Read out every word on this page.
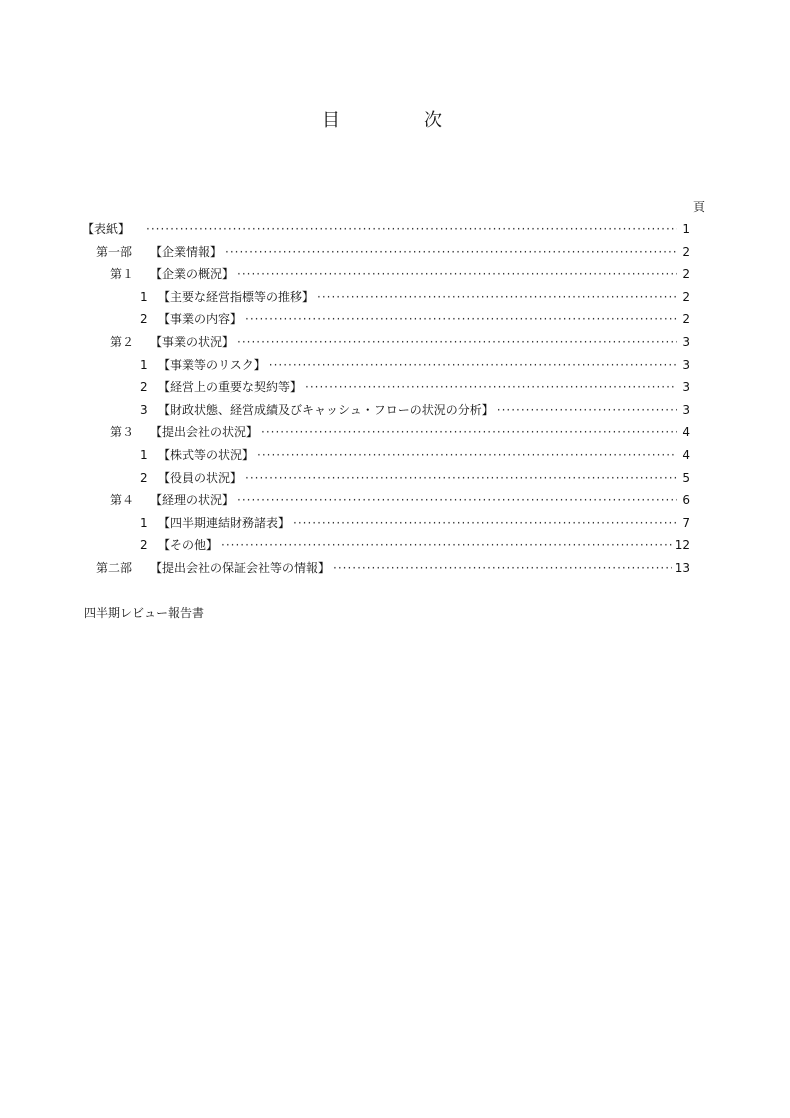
目	次
頁
【表紙】 ·····	1
第一部	【企業情報】 ·····	2
第１	【企業の概況】 ·····	2
1 【主要な経営指標等の推移】 ·····	2
2 【事業の内容】 ·····	2
第２	【事業の状況】 ·····	3
1 【事業等のリスク】 ·····	3
2 【経営上の重要な契約等】 ·····	3
3 【財政状態、経営成績及びキャッシュ・フローの状況の分析】 ·····	3
第３	【提出会社の状況】 ·····	4
1 【株式等の状況】 ·····	4
2 【役員の状況】 ·····	5
第４	【経理の状況】 ·····	6
1 【四半期連結財務諸表】 ·····	7
2 【その他】 ·····	12
第二部	【提出会社の保証会社等の情報】 ·····	13
四半期レビュー報告書
